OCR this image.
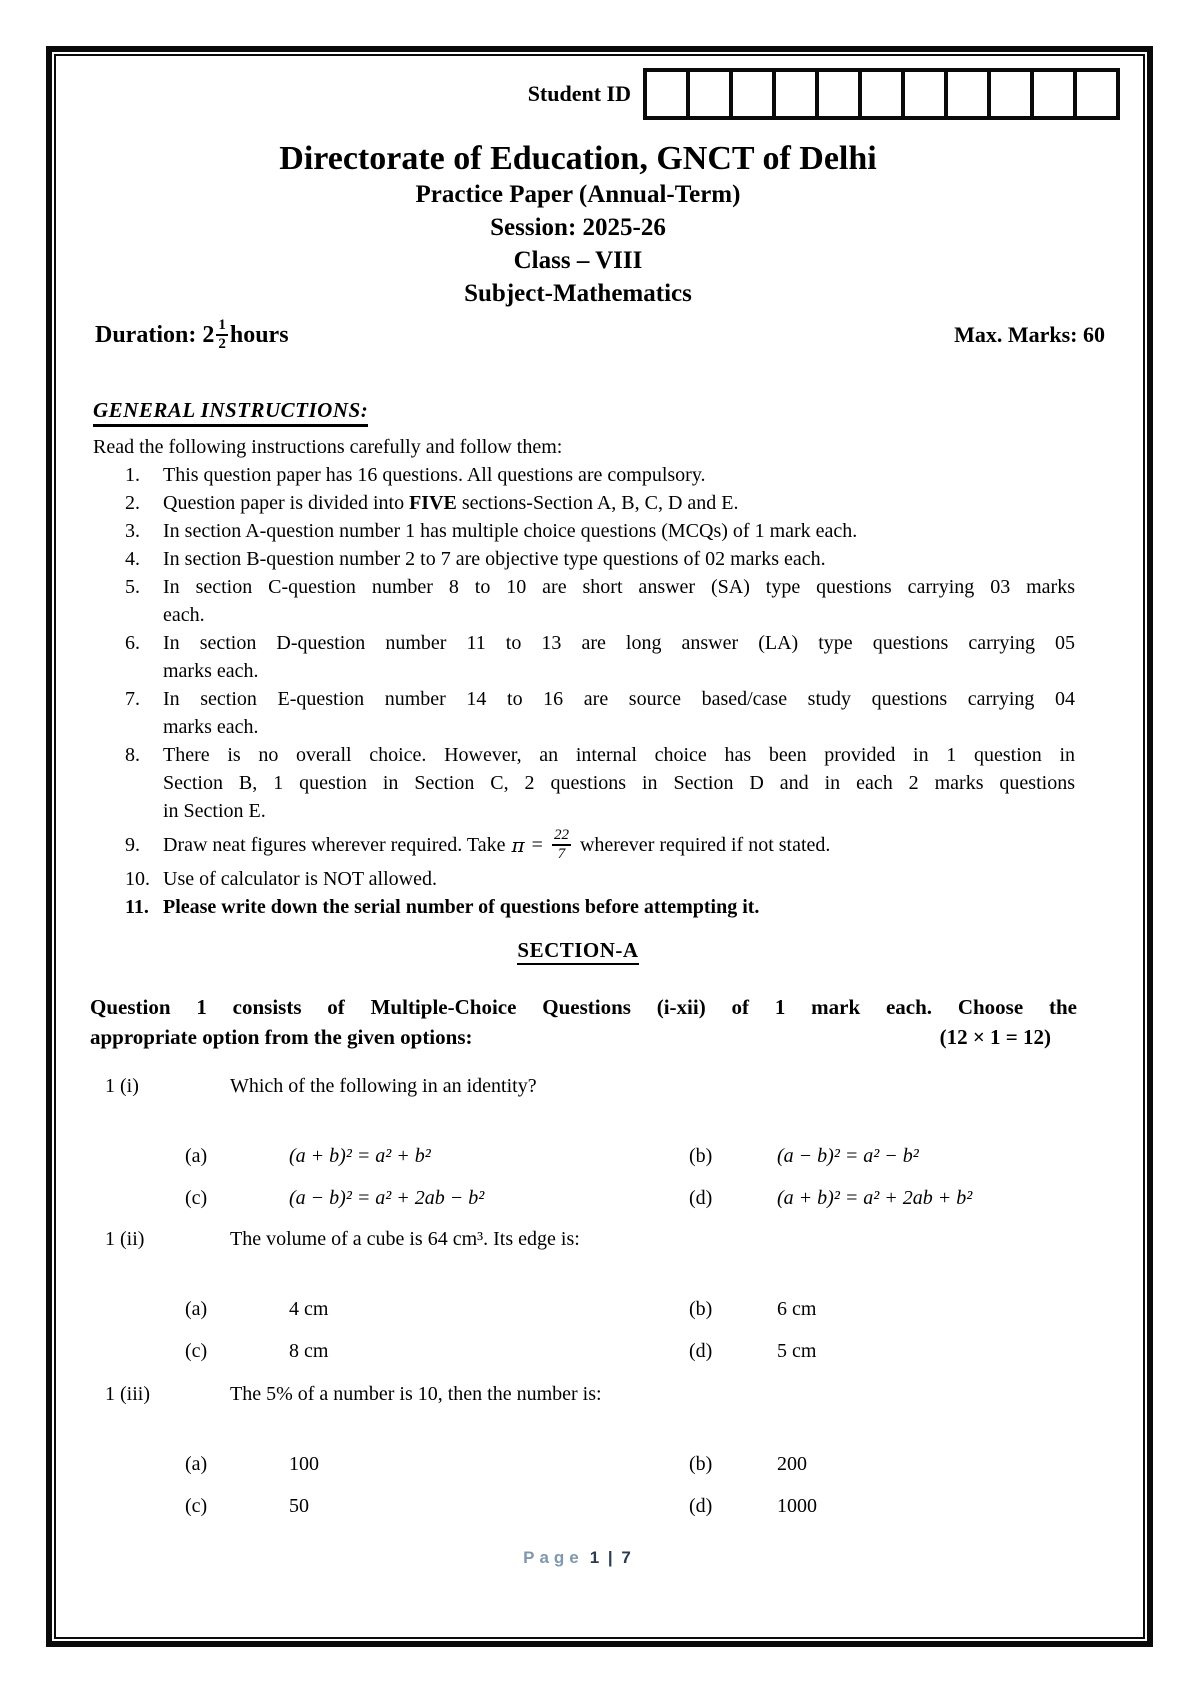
Student ID
Directorate of Education, GNCT of Delhi
Practice Paper (Annual-Term)
Session: 2025-26
Class – VIII
Subject-Mathematics
Duration: $2 \frac{1}{2}$ hours	Max. Marks: 60
GENERAL INSTRUCTIONS:
Read the following instructions carefully and follow them:
1.	This question paper has 16 questions. All questions are compulsory.
2.	Question paper is divided into FIVE sections-Section A, B, C, D and E.
3.	In section A-question number 1 has multiple choice questions (MCQs) of 1 mark each.
4.	In section B-question number 2 to 7 are objective type questions of 02 marks each.
5.	In section C-question number 8 to 10 are short answer (SA) type questions carrying 03 marks
each.
6.	In section D-question number 11 to 13 are long answer (LA) type questions carrying 05
marks each.
7.	In section E-question number 14 to 16 are source based/case study questions carrying 04
marks each.
8.	There is no overall choice. However, an internal choice has been provided in 1 question in
Section B, 1 question in Section C, 2 questions in Section D and in each 2 marks questions
in Section E.
9.	Draw neat figures wherever required. Take $\pi = \frac{22}{7}$ wherever required if not stated.
10. Use of calculator is NOT allowed.
11. Please write down the serial number of questions before attempting it.
SECTION-A
Question 1 consists of Multiple-Choice Questions (i-xii) of 1 mark each. Choose the
appropriate option from the given options:	(12 × 1 = 12)
1 (i)	Which of the following in an identity?
(a)	(a + b)² = a² + b²	(b)	(a − b)² = a² − b²
(c)	(a − b)² = a² + 2ab − b²	(d)	(a + b)² = a² + 2ab + b²
1 (ii)	The volume of a cube is 64 cm³. Its edge is:
(a)	4 cm	(b)	6 cm
(c)	8 cm	(d)	5 cm
1 (iii)	The 5% of a number is 10, then the number is:
(a)	100	(b)	200
(c)	50	(d)	1000
Page 1 | 7
